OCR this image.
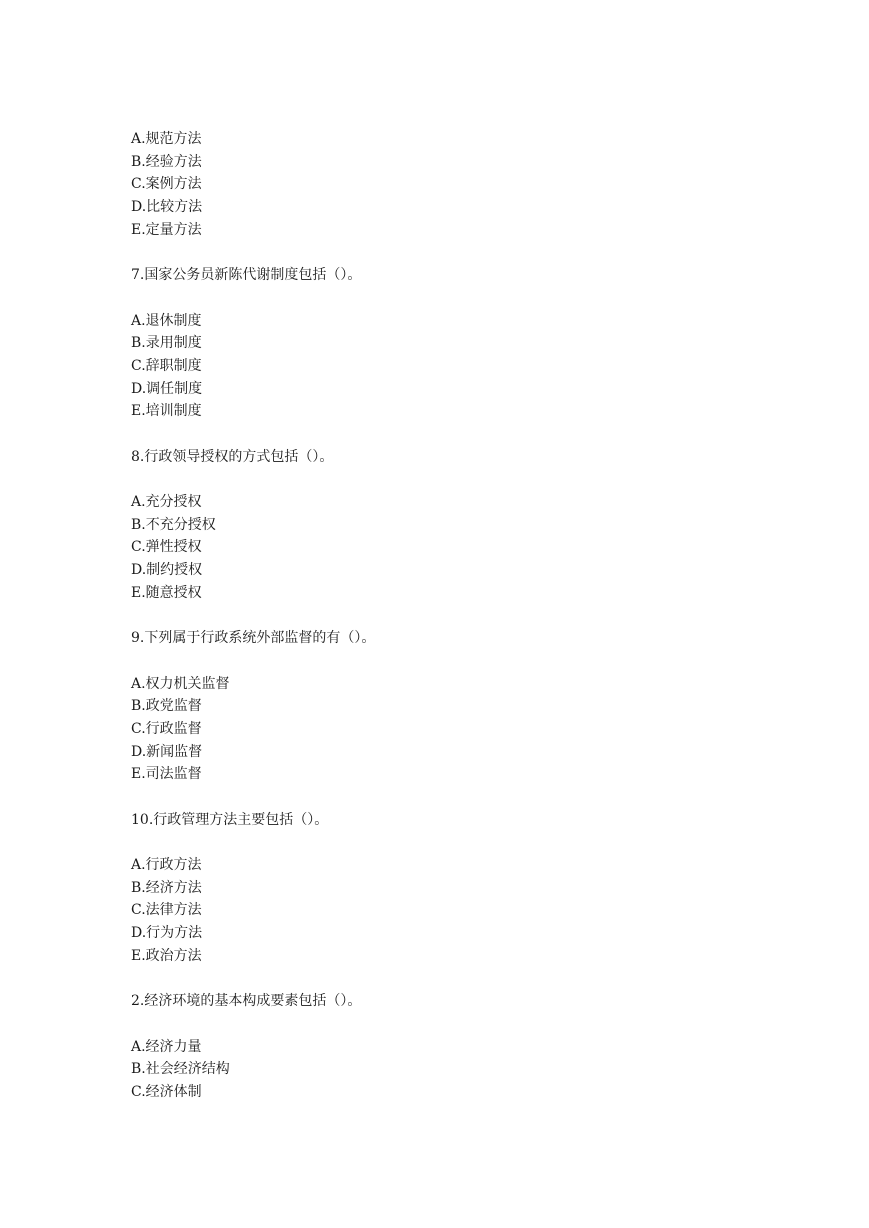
A.规范方法
B.经验方法
C.案例方法
D.比较方法
E.定量方法
7.国家公务员新陈代谢制度包括（）。
A.退休制度
B.录用制度
C.辞职制度
D.调任制度
E.培训制度
8.行政领导授权的方式包括（）。
A.充分授权
B.不充分授权
C.弹性授权
D.制约授权
E.随意授权
9.下列属于行政系统外部监督的有（）。
A.权力机关监督
B.政党监督
C.行政监督
D.新闻监督
E.司法监督
10.行政管理方法主要包括（）。
A.行政方法
B.经济方法
C.法律方法
D.行为方法
E.政治方法
2.经济环境的基本构成要素包括（）。
A.经济力量
B.社会经济结构
C.经济体制
